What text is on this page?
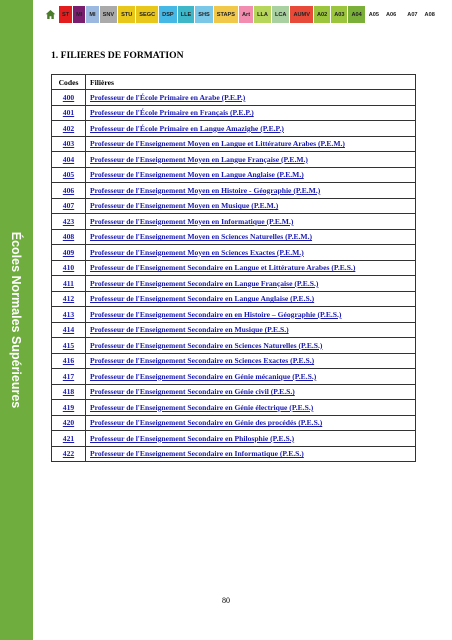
Écoles Normales Supérieures
ST	MI	MI	SNV	STU	SEGC	DSP	LLE	SHS	STAPS	Art	LLA	LCA	AUMV	A02	A03	A04	A05	A06	A07	A08
1. FILIERES DE FORMATION
Codes	Filières
400	Professeur de l'École Primaire en Arabe (P.E.P.)
401	Professeur de l'École Primaire en Français (P.E.P.)
402	Professeur de l'École Primaire en Langue Amazighe (P.E.P.)
403	Professeur de l'Enseignement Moyen en Langue et Littérature Arabes (P.E.M.)
404	Professeur de l'Enseignement Moyen en Langue Française (P.E.M.)
405	Professeur de l'Enseignement Moyen en Langue Anglaise (P.E.M.)
406	Professeur de l'Enseignement Moyen en Histoire - Géographie (P.E.M.)
407	Professeur de l'Enseignement Moyen en Musique (P.E.M.)
423	Professeur de l'Enseignement Moyen en Informatique (P.E.M.)
408	Professeur de l'Enseignement Moyen en Sciences Naturelles (P.E.M.)
409	Professeur de l'Enseignement Moyen en Sciences Exactes (P.E.M.)
410	Professeur de l'Enseignement Secondaire en Langue et Littérature Arabes (P.E.S.)
411	Professeur de l'Enseignement Secondaire en Langue Française (P.E.S.)
412	Professeur de l'Enseignement Secondaire en Langue Anglaise (P.E.S.)
413	Professeur de l'Enseignement Secondaire en en Histoire – Géographie (P.E.S.)
414	Professeur de l'Enseignement Secondaire en Musique (P.E.S.)
415	Professeur de l'Enseignement Secondaire en Sciences Naturelles (P.E.S.)
416	Professeur de l'Enseignement Secondaire en Sciences Exactes (P.E.S.)
417	Professeur de l'Enseignement Secondaire en Génie mécanique (P.E.S.)
418	Professeur de l'Enseignement Secondaire en Génie civil (P.E.S.)
419	Professeur de l'Enseignement Secondaire en Génie électrique (P.E.S.)
420	Professeur de l'Enseignement Secondaire en Génie des procédés (P.E.S.)
421	Professeur de l'Enseignement Secondaire en Philosphie (P.E.S.)
422	Professeur de l'Enseignement Secondaire en Informatique (P.E.S.)
80
